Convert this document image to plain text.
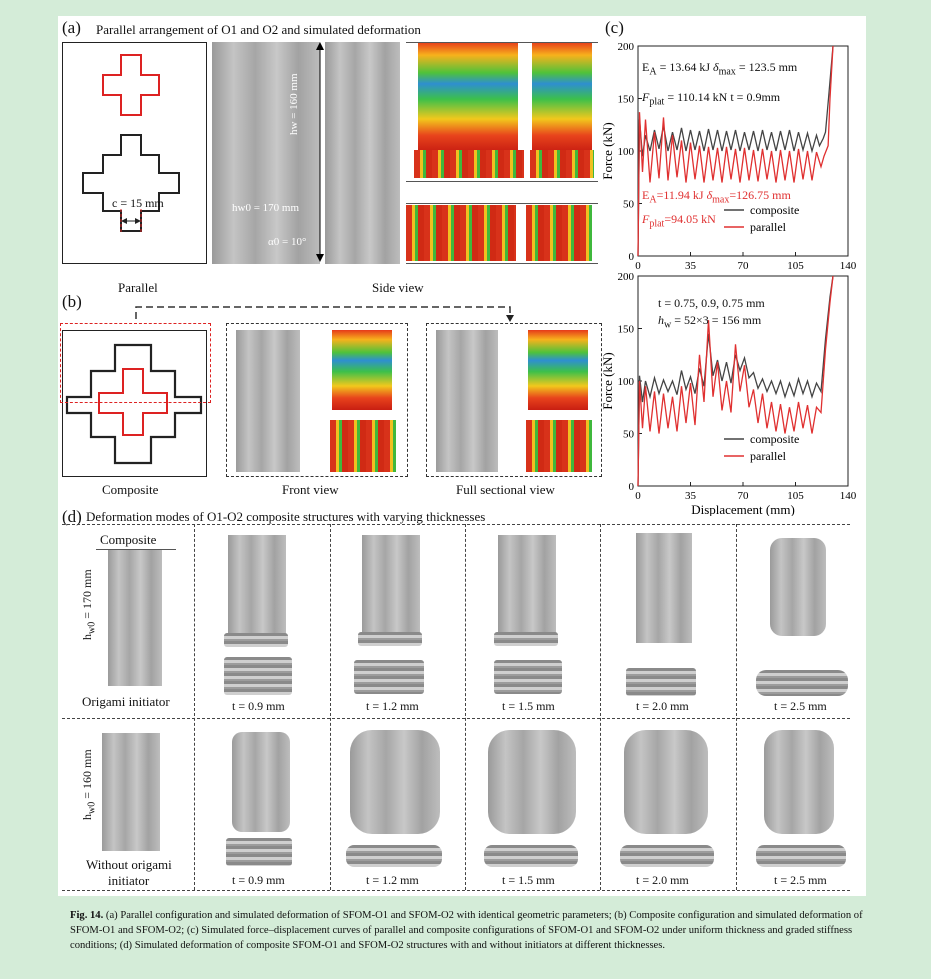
(a) Parallel arrangement of O1 and O2 and simulated deformation
c = 15 mm
hw = 160 mm
hw0 = 170 mm
α0 = 10°
Parallel	Side view
(b)
Composite	Front view	Full sectional view
(c)
0	35	70	105	140
0
50
100
150
200
Force (kN)
composite
parallel
0	35	70	105	140
0
50
100
150
200
Force (kN)
Displacement (mm)
composite
parallel
$E_A = 13.64$ kJ $\delta_{max} = 123.5$ mm
$F_{plat} = 110.14$ kN t = 0.9mm
$E_A=11.94$ kJ $\delta_{max}=126.75$ mm
$F_{plat}=94.05$ kN
t = 0.75, 0.9, 0.75 mm
$h_w = 52\times 3 = 156$ mm
(d) Deformation modes of O1-O2 composite structures with varying thicknesses
Composite
$h_{w0} = 170$ mm
Origami initiator	t = 0.9 mm	t = 1.2 mm	t = 1.5 mm	t = 2.0 mm	t = 2.5 mm
$h_{w0} = 160$ mm
Without origami
initiator	t = 0.9 mm	t = 1.2 mm	t = 1.5 mm	t = 2.0 mm	t = 2.5 mm
Fig. 14. (a) Parallel configuration and simulated deformation of SFOM-O1 and SFOM-O2 with identical geometric parameters; (b) Composite configuration and simulated deformation of SFOM-O1 and SFOM-O2; (c) Simulated force–displacement curves of parallel and composite configurations of SFOM-O1 and SFOM-O2 under uniform thickness and graded stiffness conditions; (d) Simulated deformation of composite SFOM-O1 and SFOM-O2 structures with and without initiators at different thicknesses.
